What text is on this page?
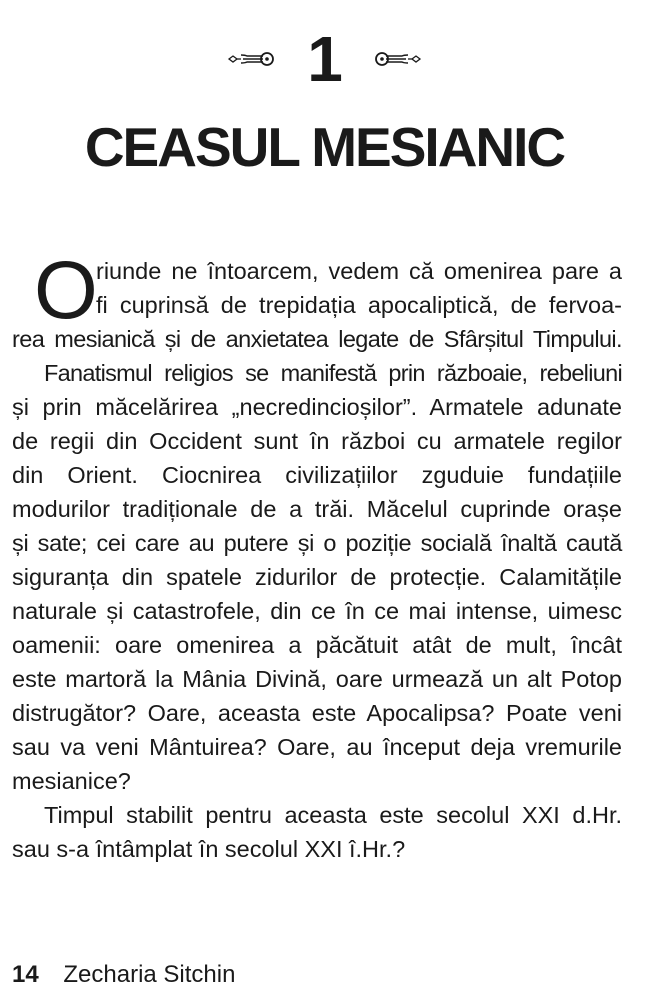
1
CEASUL MESIANIC
O
riunde ne întoarcem, vedem că omenirea pare a
fi cuprinsă de trepidația apocaliptică, de fervoa-
rea mesianică și de anxietatea legate de Sfârșitul Timpului.
Fanatismul religios se manifestă prin războaie, rebeliuni
și prin măcelărirea „necredincioșilor”. Armatele adunate
de regii din Occident sunt în război cu armatele regilor
din Orient. Ciocnirea civilizațiilor zguduie fundațiile
modurilor tradiționale de a trăi. Măcelul cuprinde orașe
și sate; cei care au putere și o poziție socială înaltă caută
siguranța din spatele zidurilor de protecție. Calamitățile
naturale și catastrofele, din ce în ce mai intense, uimesc
oamenii: oare omenirea a păcătuit atât de mult, încât
este martoră la Mânia Divină, oare urmează un alt Potop
distrugător? Oare, aceasta este Apocalipsa? Poate veni
sau va veni Mântuirea? Oare, au început deja vremurile
mesianice?
Timpul stabilit pentru aceasta este secolul XXI d.Hr.
sau s-a întâmplat în secolul XXI î.Hr.?
14 Zecharia Sitchin
